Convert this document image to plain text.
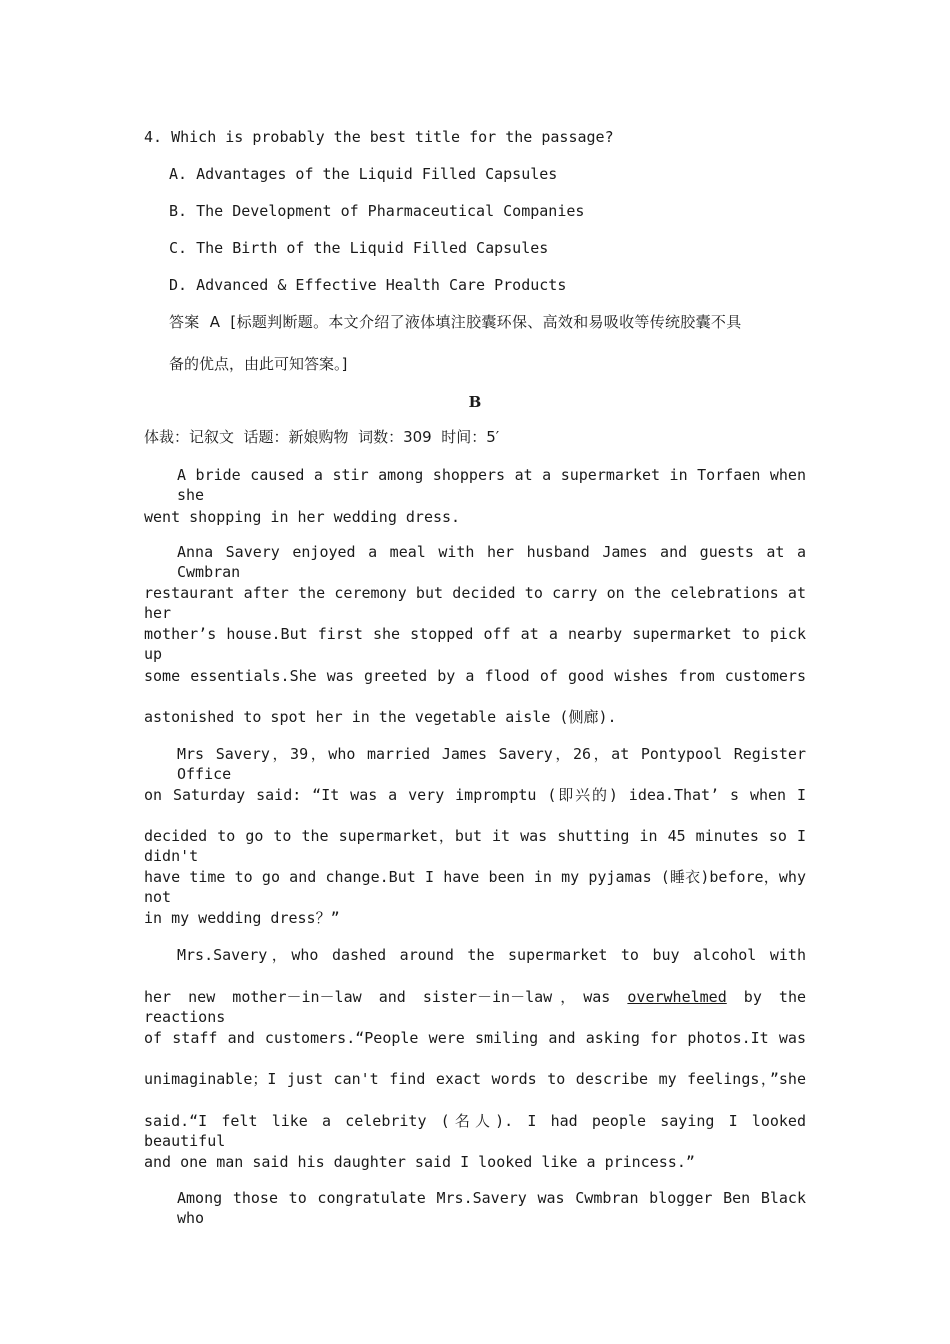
4. Which is probably the best title for the passage?
A. Advantages of the Liquid Filled Capsules
B. The Development of Pharmaceutical Companies
C. The Birth of the Liquid Filled Capsules
D. Advanced & Effective Health Care Products
答案  A  [标题判断题。本文介绍了液体填注胶囊环保、高效和易吸收等传统胶囊不具
备的优点，由此可知答案。]
B
体裁：记叙文  话题：新娘购物  词数：309  时间：5′
A bride caused a stir among shoppers at a supermarket in Torfaen when she
went shopping in her wedding dress.
Anna Savery enjoyed a meal with her husband James and guests at a Cwmbran
restaurant after the ceremony but decided to carry on the celebrations at her
mother’s house.But first she stopped off at a nearby supermarket to pick up
some essentials.She was greeted by a flood of good wishes from customers
astonished to spot her in the vegetable aisle (侧廊).
Mrs Savery，39，who married James Savery，26，at Pontypool Register Office
on Saturday said: “It was a very impromptu (即兴的) idea.That’ s when I
decided to go to the supermarket，but it was shutting in 45 minutes so I didn't
have time to go and change.But I have been in my pyjamas (睡衣)before，why not
in my wedding dress？”
Mrs.Savery，who dashed around the supermarket to buy alcohol with
her new mother－in－law and sister－in－law，was overwhelmed by the reactions
of staff and customers.“People were smiling and asking for photos.It was
unimaginable；I just can't find exact words to describe my feelings，”she
said.“I felt like a celebrity (名人). I had people saying I looked beautiful
and one man said his daughter said I looked like a princess.”
Among those to congratulate Mrs.Savery was Cwmbran blogger Ben Black who
